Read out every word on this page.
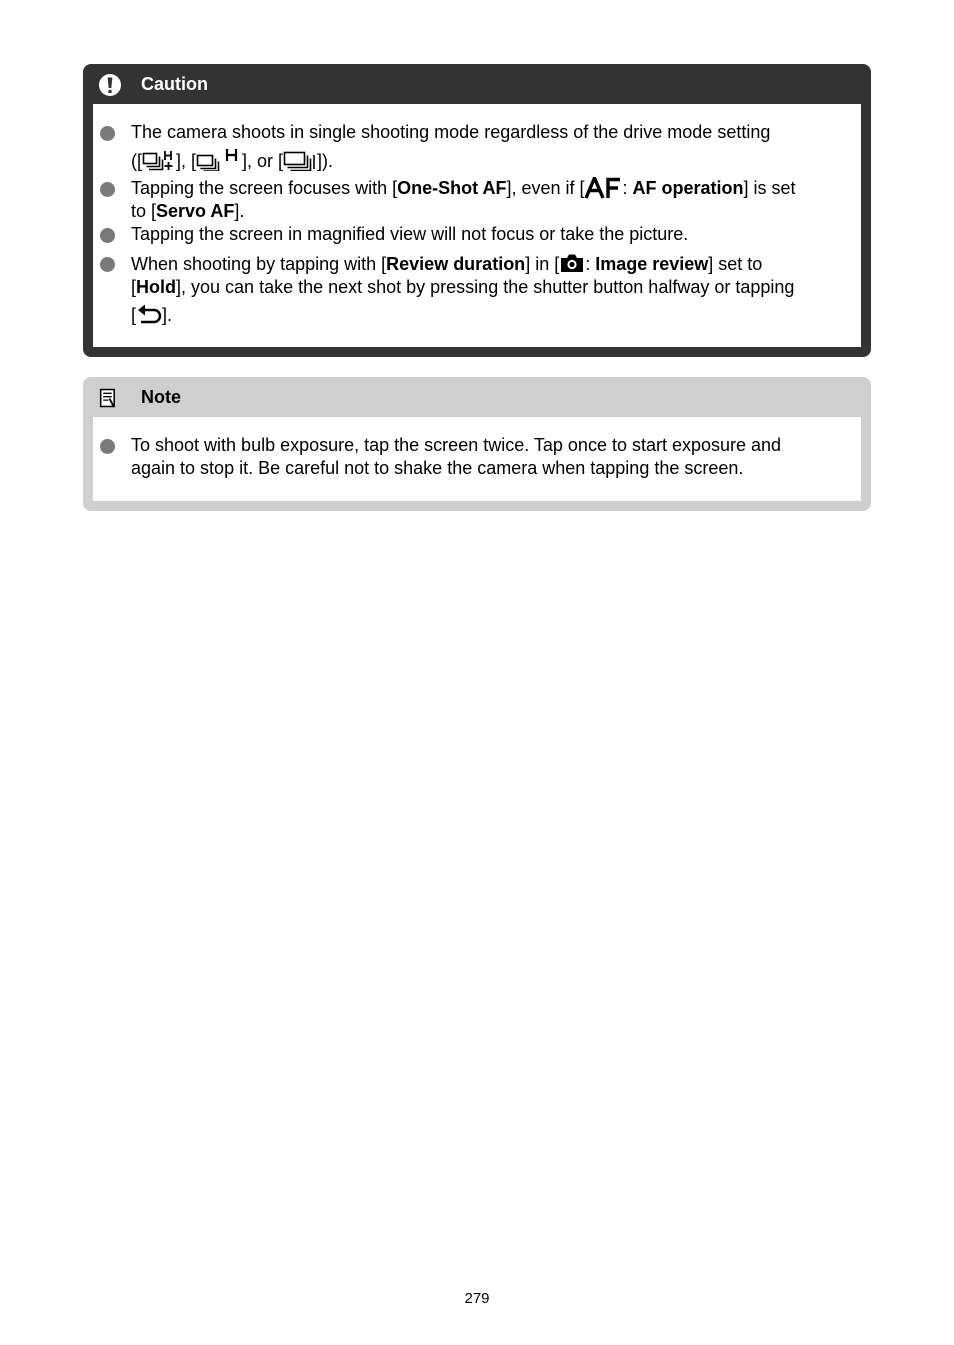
Caution
The camera shoots in single shooting mode regardless of the drive mode setting
([ ], [	], or [ ]).
Tapping the screen focuses with [One-Shot AF], even if [ : AF operation] is set
to [Servo AF].
Tapping the screen in magnified view will not focus or take the picture.
When shooting by tapping with [Review duration] in [ : Image review] set to
[Hold], you can take the next shot by pressing the shutter button halfway or tapping
[ ].
Note
To shoot with bulb exposure, tap the screen twice. Tap once to start exposure and
again to stop it. Be careful not to shake the camera when tapping the screen.
279
